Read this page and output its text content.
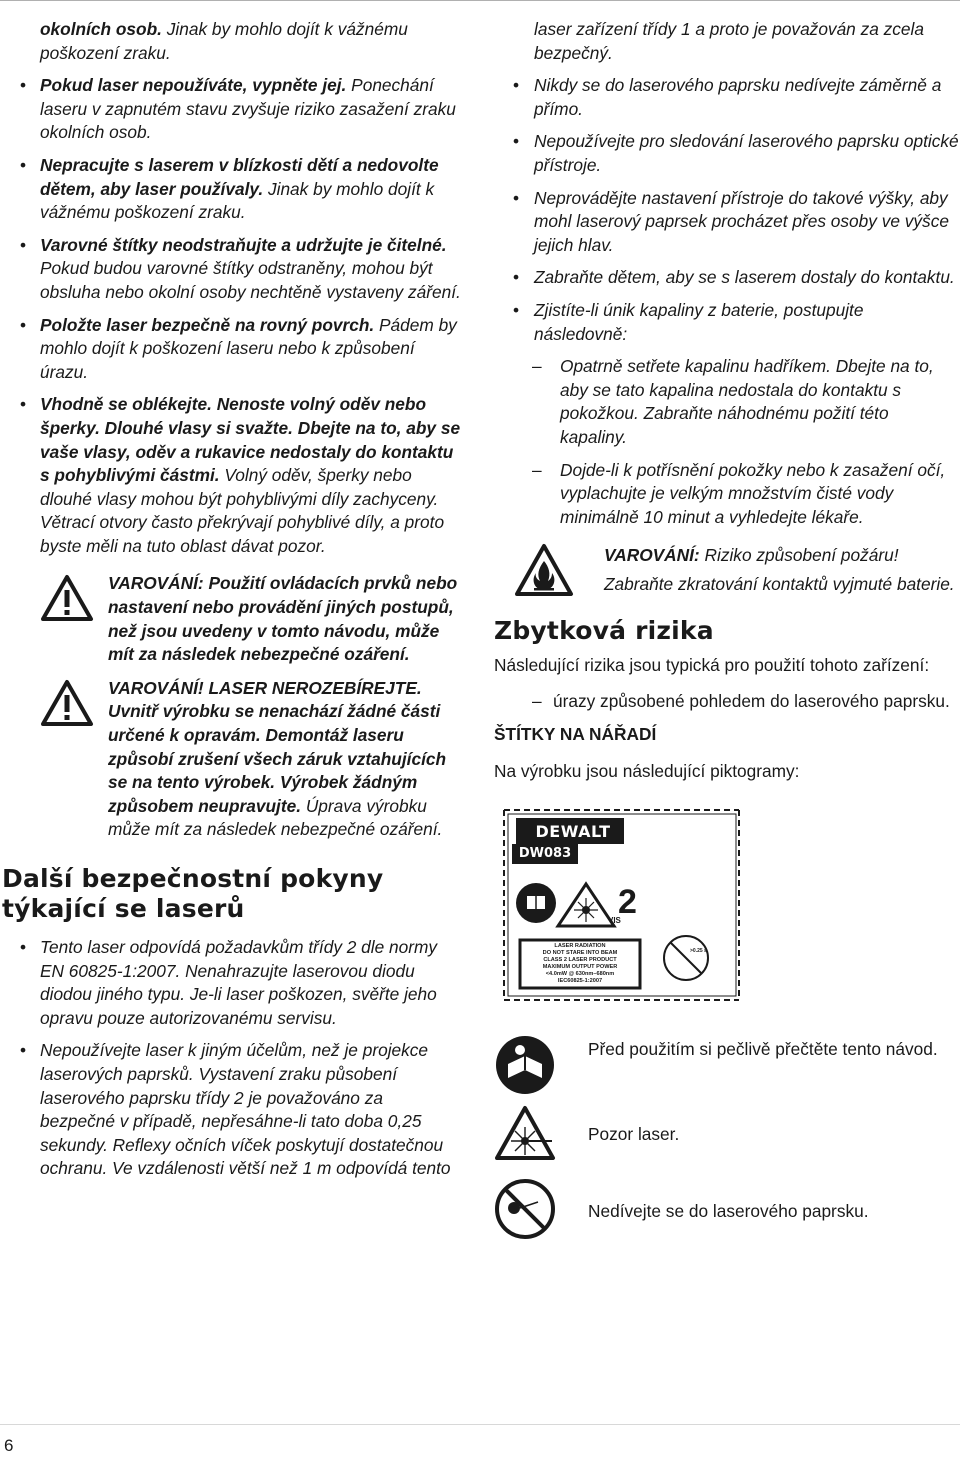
okolních osob. Jinak by mohlo dojít k vážnému poškození zraku.
• Pokud laser nepoužíváte, vypněte jej. Ponechání laseru v zapnutém stavu zvyšuje riziko zasažení zraku okolních osob.
• Nepracujte s laserem v blízkosti dětí a nedovolte dětem, aby laser používaly. Jinak by mohlo dojít k vážnému poškození zraku.
• Varovné štítky neodstraňujte a udržujte je čitelné. Pokud budou varovné štítky odstraněny, mohou být obsluha nebo okolní osoby nechtěně vystaveny záření.
• Položte laser bezpečně na rovný povrch. Pádem by mohlo dojít k poškození laseru nebo k způsobení úrazu.
• Vhodně se oblékejte. Nenoste volný oděv nebo šperky. Dlouhé vlasy si svažte. Dbejte na to, aby se vaše vlasy, oděv a rukavice nedostaly do kontaktu s pohyblivými částmi. Volný oděv, šperky nebo dlouhé vlasy mohou být pohyblivými díly zachyceny. Větrací otvory často překrývají pohyblivé díly, a proto byste měli na tuto oblast dávat pozor.
VAROVÁNÍ: Použití ovládacích prvků nebo nastavení nebo provádění jiných postupů, než jsou uvedeny v tomto návodu, může mít za následek nebezpečné ozáření.
VAROVÁNÍ! LASER NEROZEBÍREJTE. Uvnitř výrobku se nenachází žádné části určené k opravám. Demontáž laseru způsobí zrušení všech záruk vztahujících se na tento výrobek. Výrobek žádným způsobem neupravujte. Úprava výrobku může mít za následek nebezpečné ozáření.
Další bezpečnostní pokyny týkající se laserů
• Tento laser odpovídá požadavkům třídy 2 dle normy EN 60825-1:2007. Nenahrazujte laserovou diodu diodou jiného typu. Je-li laser poškozen, svěřte jeho opravu pouze autorizovanému servisu.
• Nepoužívejte laser k jiným účelům, než je projekce laserových paprsků. Vystavení zraku působení laserového paprsku třídy 2 je považováno za bezpečné v případě, nepřesáhne-li tato doba 0,25 sekundy. Reflexy očních víček poskytují dostatečnou ochranu. Ve vzdálenosti větší než 1 m odpovídá tento
laser zařízení třídy 1 a proto je považován za zcela bezpečný.
• Nikdy se do laserového paprsku nedívejte záměrně a přímo.
• Nepoužívejte pro sledování laserového paprsku optické přístroje.
• Neprovádějte nastavení přístroje do takové výšky, aby mohl laserový paprsek procházet přes osoby ve výšce jejich hlav.
• Zabraňte dětem, aby se s laserem dostaly do kontaktu.
• Zjistíte-li únik kapaliny z baterie, postupujte následovně:
– Opatrně setřete kapalinu hadříkem. Dbejte na to, aby se tato kapalina nedostala do kontaktu s pokožkou. Zabraňte náhodnému požití této kapaliny.
– Dojde-li k potřísnění pokožky nebo k zasažení očí, vyplachujte je velkým množstvím čisté vody minimálně 10 minut a vyhledejte lékaře.
VAROVÁNÍ: Riziko způsobení požáru! Zabraňte zkratování kontaktů vyjmuté baterie.
Zbytková rizika
Následující rizika jsou typická pro použití tohoto zařízení:
– úrazy způsobené pohledem do laserového paprsku.
ŠTÍTKY NA NÁŘADÍ
Na výrobku jsou následující piktogramy:
DEWALT
DW083
2
VIS
LASER RADIATION
DO NOT STARE INTO BEAM
CLASS 2 LASER PRODUCT
MAXIMUM OUTPUT POWER
<4.0mW @ 630nm–680nm
IEC60825-1:2007
>0.25 s
Před použitím si pečlivě přečtěte tento návod.
Pozor laser.
Nedívejte se do laserového paprsku.
6
